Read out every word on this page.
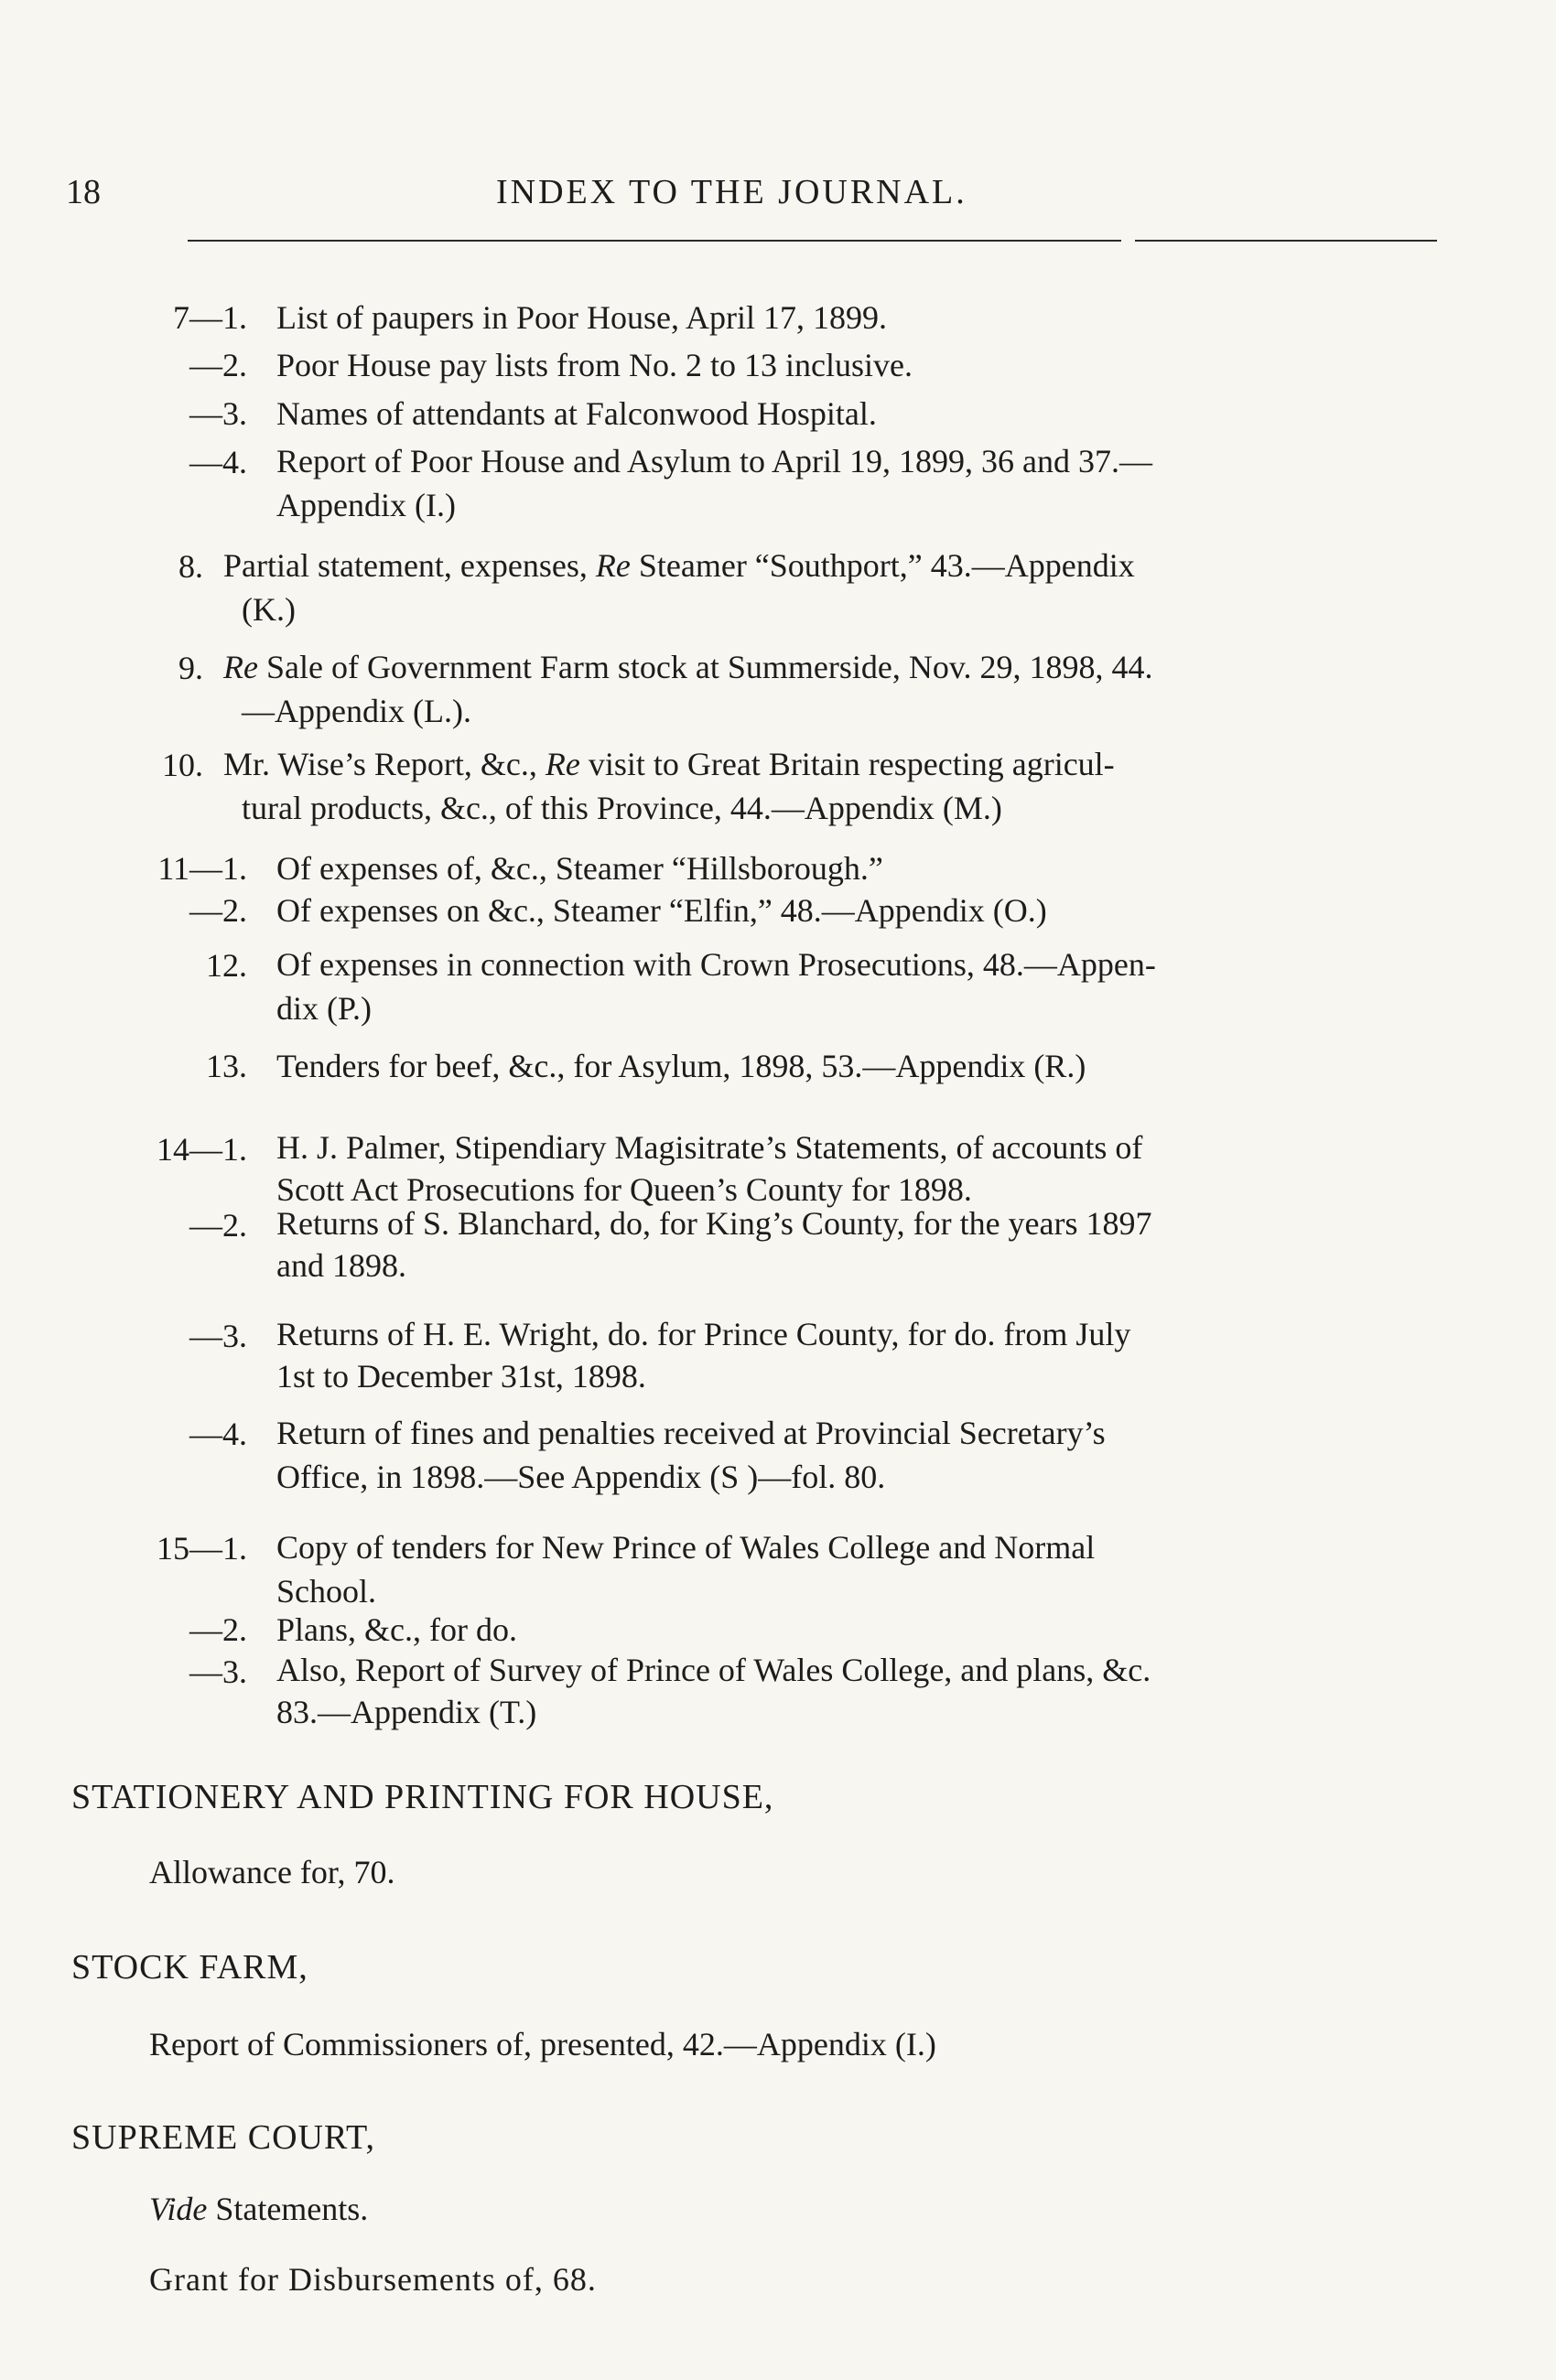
18	INDEX TO THE JOURNAL.
7—1. List of paupers in Poor House, April 17, 1899.
—2. Poor House pay lists from No. 2 to 13 inclusive.
—3. Names of attendants at Falconwood Hospital.
—4. Report of Poor House and Asylum to April 19, 1899, 36 and 37.—
Appendix (I.)
8. Partial statement, expenses, Re Steamer “Southport,” 43.—Appendix
(K.)
9. Re Sale of Government Farm stock at Summerside, Nov. 29, 1898, 44.
—Appendix (L.).
10. Mr. Wise’s Report, &c., Re visit to Great Britain respecting agricul-
tural products, &c., of this Province, 44.—Appendix (M.)
11—1. Of expenses of, &c., Steamer “Hillsborough.”
—2. Of expenses on &c., Steamer “Elfin,” 48.—Appendix (O.)
12. Of expenses in connection with Crown Prosecutions, 48.—Appen-
dix (P.)
13. Tenders for beef, &c., for Asylum, 1898, 53.—Appendix (R.)
14—1. H. J. Palmer, Stipendiary Magisitrate’s Statements, of accounts of
Scott Act Prosecutions for Queen’s County for 1898.
—2. Returns of S. Blanchard, do, for King’s County, for the years 1897
and 1898.
—3. Returns of H. E. Wright, do. for Prince County, for do. from July
1st to December 31st, 1898.
—4. Return of fines and penalties received at Provincial Secretary’s
Office, in 1898.—See Appendix (S )—fol. 80.
15—1. Copy of tenders for New Prince of Wales College and Normal
School.
—2. Plans, &c., for do.
—3. Also, Report of Survey of Prince of Wales College, and plans, &c.
83.—Appendix (T.)
STATIONERY AND PRINTING FOR HOUSE,
Allowance for, 70.
STOCK FARM,
Report of Commissioners of, presented, 42.—Appendix (I.)
SUPREME COURT,
Vide Statements.
Grant for Disbursements of, 68.
